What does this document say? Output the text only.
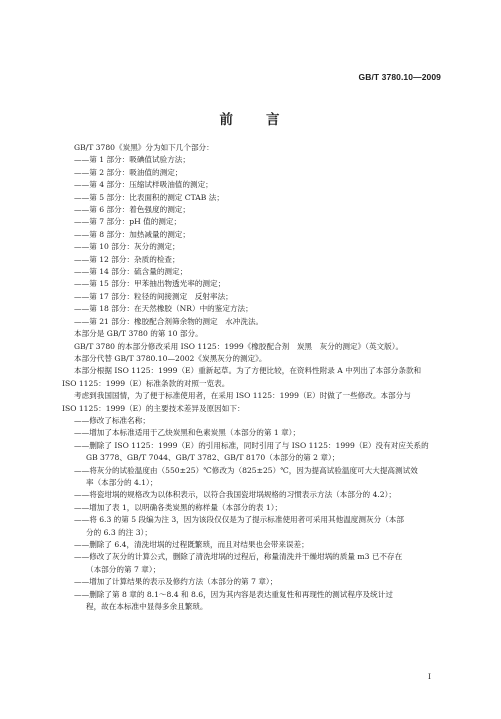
GB/T 3780.10—2009
前　　言
GB/T 3780《炭黑》分为如下几个部分：
——第 1 部分：吸碘值试验方法；
——第 2 部分：吸油值的测定；
——第 4 部分：压缩试样吸油值的测定；
——第 5 部分：比表面积的测定 CTAB 法；
——第 6 部分：着色强度的测定；
——第 7 部分：pH 值的测定；
——第 8 部分：加热减量的测定；
——第 10 部分：灰分的测定；
——第 12 部分：杂质的检查；
——第 14 部分：硫含量的测定；
——第 15 部分：甲苯抽出物透光率的测定；
——第 17 部分：粒径的间接测定　反射率法；
——第 18 部分：在天然橡胶（NR）中的鉴定方法；
——第 21 部分：橡胶配合剂筛余物的测定　水冲洗法。
本部分是 GB/T 3780 的第 10 部分。
GB/T 3780 的本部分修改采用 ISO 1125：1999《橡胶配合剂　炭黑　灰分的测定》（英文版）。
本部分代替 GB/T 3780.10—2002《炭黑灰分的测定》。
本部分根据 ISO 1125：1999（E）重新起草。为了方便比较，在资料性附录 A 中列出了本部分条款和
ISO 1125：1999（E）标准条款的对照一览表。
考虑到我国国情，为了便于标准使用者，在采用 ISO 1125：1999（E）时做了一些修改。本部分与
ISO 1125：1999（E）的主要技术差异及原因如下：
——修改了标准名称；
——增加了本标准适用于乙炔炭黑和色素炭黑（本部分的第 1 章）；
——删除了 ISO 1125：1999（E）的引用标准，同时引用了与 ISO 1125：1999（E）没有对应关系的
GB 3778、GB/T 7044、GB/T 3782、GB/T 8170（本部分的第 2 章）；
——将灰分的试验温度由（550±25）℃修改为（825±25）℃，因为提高试验温度可大大提高测试效
率（本部分的 4.1）；
——将瓷坩埚的规格改为以体积表示，以符合我国瓷坩埚规格的习惯表示方法（本部分的 4.2）；
——增加了表 1，以明确各类炭黑的称样量（本部分的表 1）；
——将 6.3 的第 5 段编为注 3，因为该段仅仅是为了提示标准使用者可采用其他温度测灰分（本部
分的 6.3 的注 3）；
——删除了 6.4，清洗坩埚的过程既繁琐，而且对结果也会带来误差；
——修改了灰分的计算公式，删除了清洗坩埚的过程后，称量清洗并干燥坩埚的质量 m3 已不存在
（本部分的第 7 章）；
——增加了计算结果的表示及修约方法（本部分的第 7 章）；
——删除了第 8 章的 8.1～8.4 和 8.6，因为其内容是表达重复性和再现性的测试程序及统计过
程，故在本标准中显得多余且繁琐。
I
